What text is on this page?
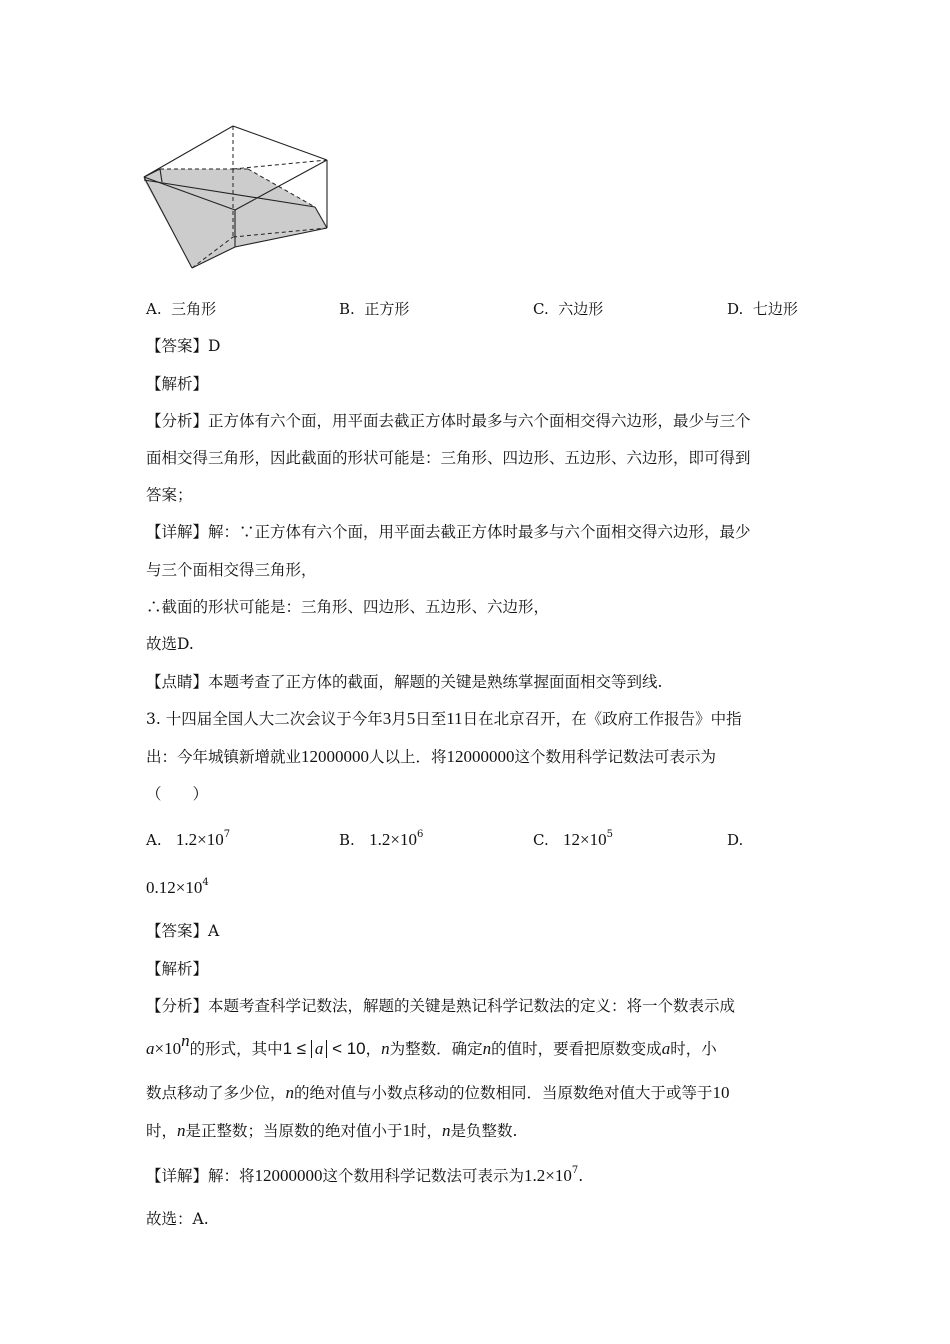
A. 三角形	B. 正方形	C. 六边形	D. 七边形
【答案】D
【解析】
【分析】正方体有六个面，用平面去截正方体时最多与六个面相交得六边形，最少与三个
面相交得三角形，因此截面的形状可能是：三角形、四边形、五边形、六边形，即可得到
答案；
【详解】解：∵正方体有六个面，用平面去截正方体时最多与六个面相交得六边形，最少
与三个面相交得三角形，
∴截面的形状可能是：三角形、四边形、五边形、六边形，
故选D.
【点睛】本题考查了正方体的截面，解题的关键是熟练掌握面面相交等到线.
3. 十四届全国人大二次会议于今年3月5日至11日在北京召开，在《政府工作报告》中指
出：今年城镇新增就业12000000人以上．将12000000这个数用科学记数法可表示为
（　　）
A. $1.2\times 10^7$	B. $1.2\times 10^6$	C. $12\times 10^5$	D.
$0.12\times 10^4$
【答案】A
【解析】
【分析】本题考查科学记数法，解题的关键是熟记科学记数法的定义：将一个数表示成
$a\times 10^n$的形式，其中1 ≤ a < 10，n为整数．确定n的值时，要看把原数变成a时，小
数点移动了多少位，n的绝对值与小数点移动的位数相同．当原数绝对值大于或等于10
时，n是正整数；当原数的绝对值小于1时，n是负整数.
【详解】解：将12000000这个数用科学记数法可表示为$1.2\times 10^7$.
故选：A.
